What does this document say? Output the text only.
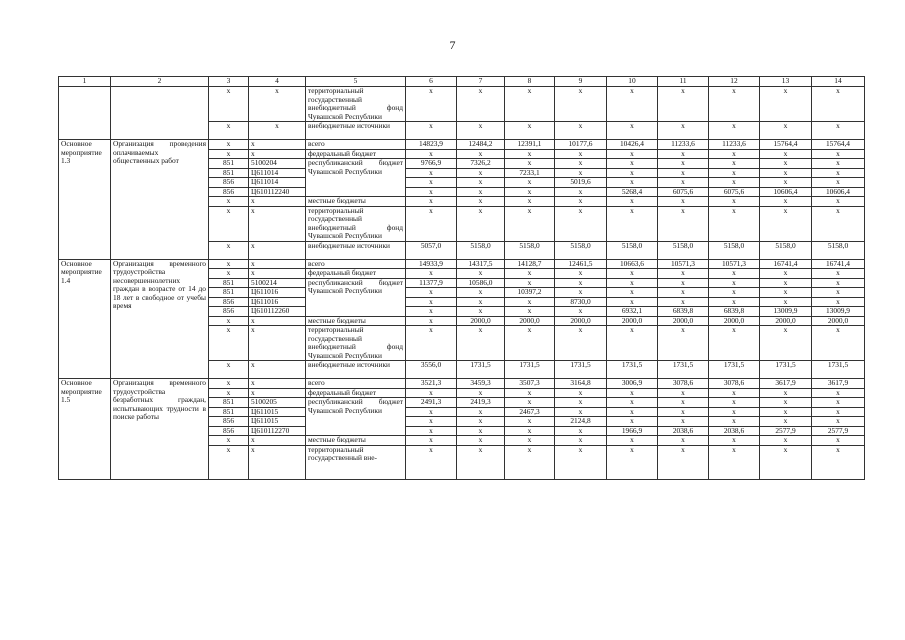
7
1	2	3	4	5	6	7	8	9	10	11	12	13	14
		x	x	территориальный государственный внебюджетный фонд Чувашской Республики	x	x	x	x	x	x	x	x	x
		x	x	внебюджетные источники	x	x	x	x	x	x	x	x	x
Основное мероприятие 1.3	Организация проведения оплачиваемых общественных работ	x	x	всего	14823,9	12484,2	12391,1	10177,6	10426,4	11233,6	11233,6	15764,4	15764,4
		x	x	федеральный бюджет	x	x	x	x	x	x	x	x	x
		851	5100204	республиканский бюджет Чувашской Республики	9766,9	7326,2	x	x	x	x	x	x	x
		851	Ц611014		x	x	7233,1	x	x	x	x	x	x
		856	Ц611014		x	x	x	5019,6	x	x	x	x	x
		856	Ц610112240		x	x	x	x	5268,4	6075,6	6075,6	10606,4	10606,4
		x	x	местные бюджеты	x	x	x	x	x	x	x	x	x
		x	x	территориальный государственный внебюджетный фонд Чувашской Республики	x	x	x	x	x	x	x	x	x
		x	x	внебюджетные источники	5057,0	5158,0	5158,0	5158,0	5158,0	5158,0	5158,0	5158,0	5158,0
Основное мероприятие 1.4	Организация временного трудоустройства несовершеннолетних граждан в возрасте от 14 до 18 лет в свободное от учебы время	x	x	всего	14933,9	14317,5	14128,7	12461,5	10663,6	10571,3	10571,3	16741,4	16741,4
		x	x	федеральный бюджет	x	x	x	x	x	x	x	x	x
		851	5100214	республиканский бюджет Чувашской Республики	11377,9	10586,0	x	x	x	x	x	x	x
		851	Ц611016		x	x	10397,2	x	x	x	x	x	x
		856	Ц611016		x	x	x	8730,0	x	x	x	x	x
		856	Ц610112260		x	x	x	x	6932,1	6839,8	6839,8	13009,9	13009,9
		x	x	местные бюджеты	x	2000,0	2000,0	2000,0	2000,0	2000,0	2000,0	2000,0	2000,0
		x	x	территориальный государственный внебюджетный фонд Чувашской Республики	x	x	x	x	x	x	x	x	x
		x	x	внебюджетные источники	3556,0	1731,5	1731,5	1731,5	1731,5	1731,5	1731,5	1731,5	1731,5
Основное мероприятие 1.5	Организация временного трудоустройства безработных граждан, испытывающих трудности в поиске работы	x	x	всего	3521,3	3459,3	3507,3	3164,8	3006,9	3078,6	3078,6	3617,9	3617,9
		x	x	федеральный бюджет	x	x	x	x	x	x	x	x	x
		851	5100205	республиканский бюджет Чувашской Республики	2491,3	2419,3	x	x	x	x	x	x	x
		851	Ц611015		x	x	2467,3	x	x	x	x	x	x
		856	Ц611015		x	x	x	2124,8	x	x	x	x	x
		856	Ц610112270		x	x	x	x	1966,9	2038,6	2038,6	2577,9	2577,9
		x	x	местные бюджеты	x	x	x	x	x	x	x	x	x
		x	x	территориальный государственный вне-	x	x	x	x	x	x	x	x	x
